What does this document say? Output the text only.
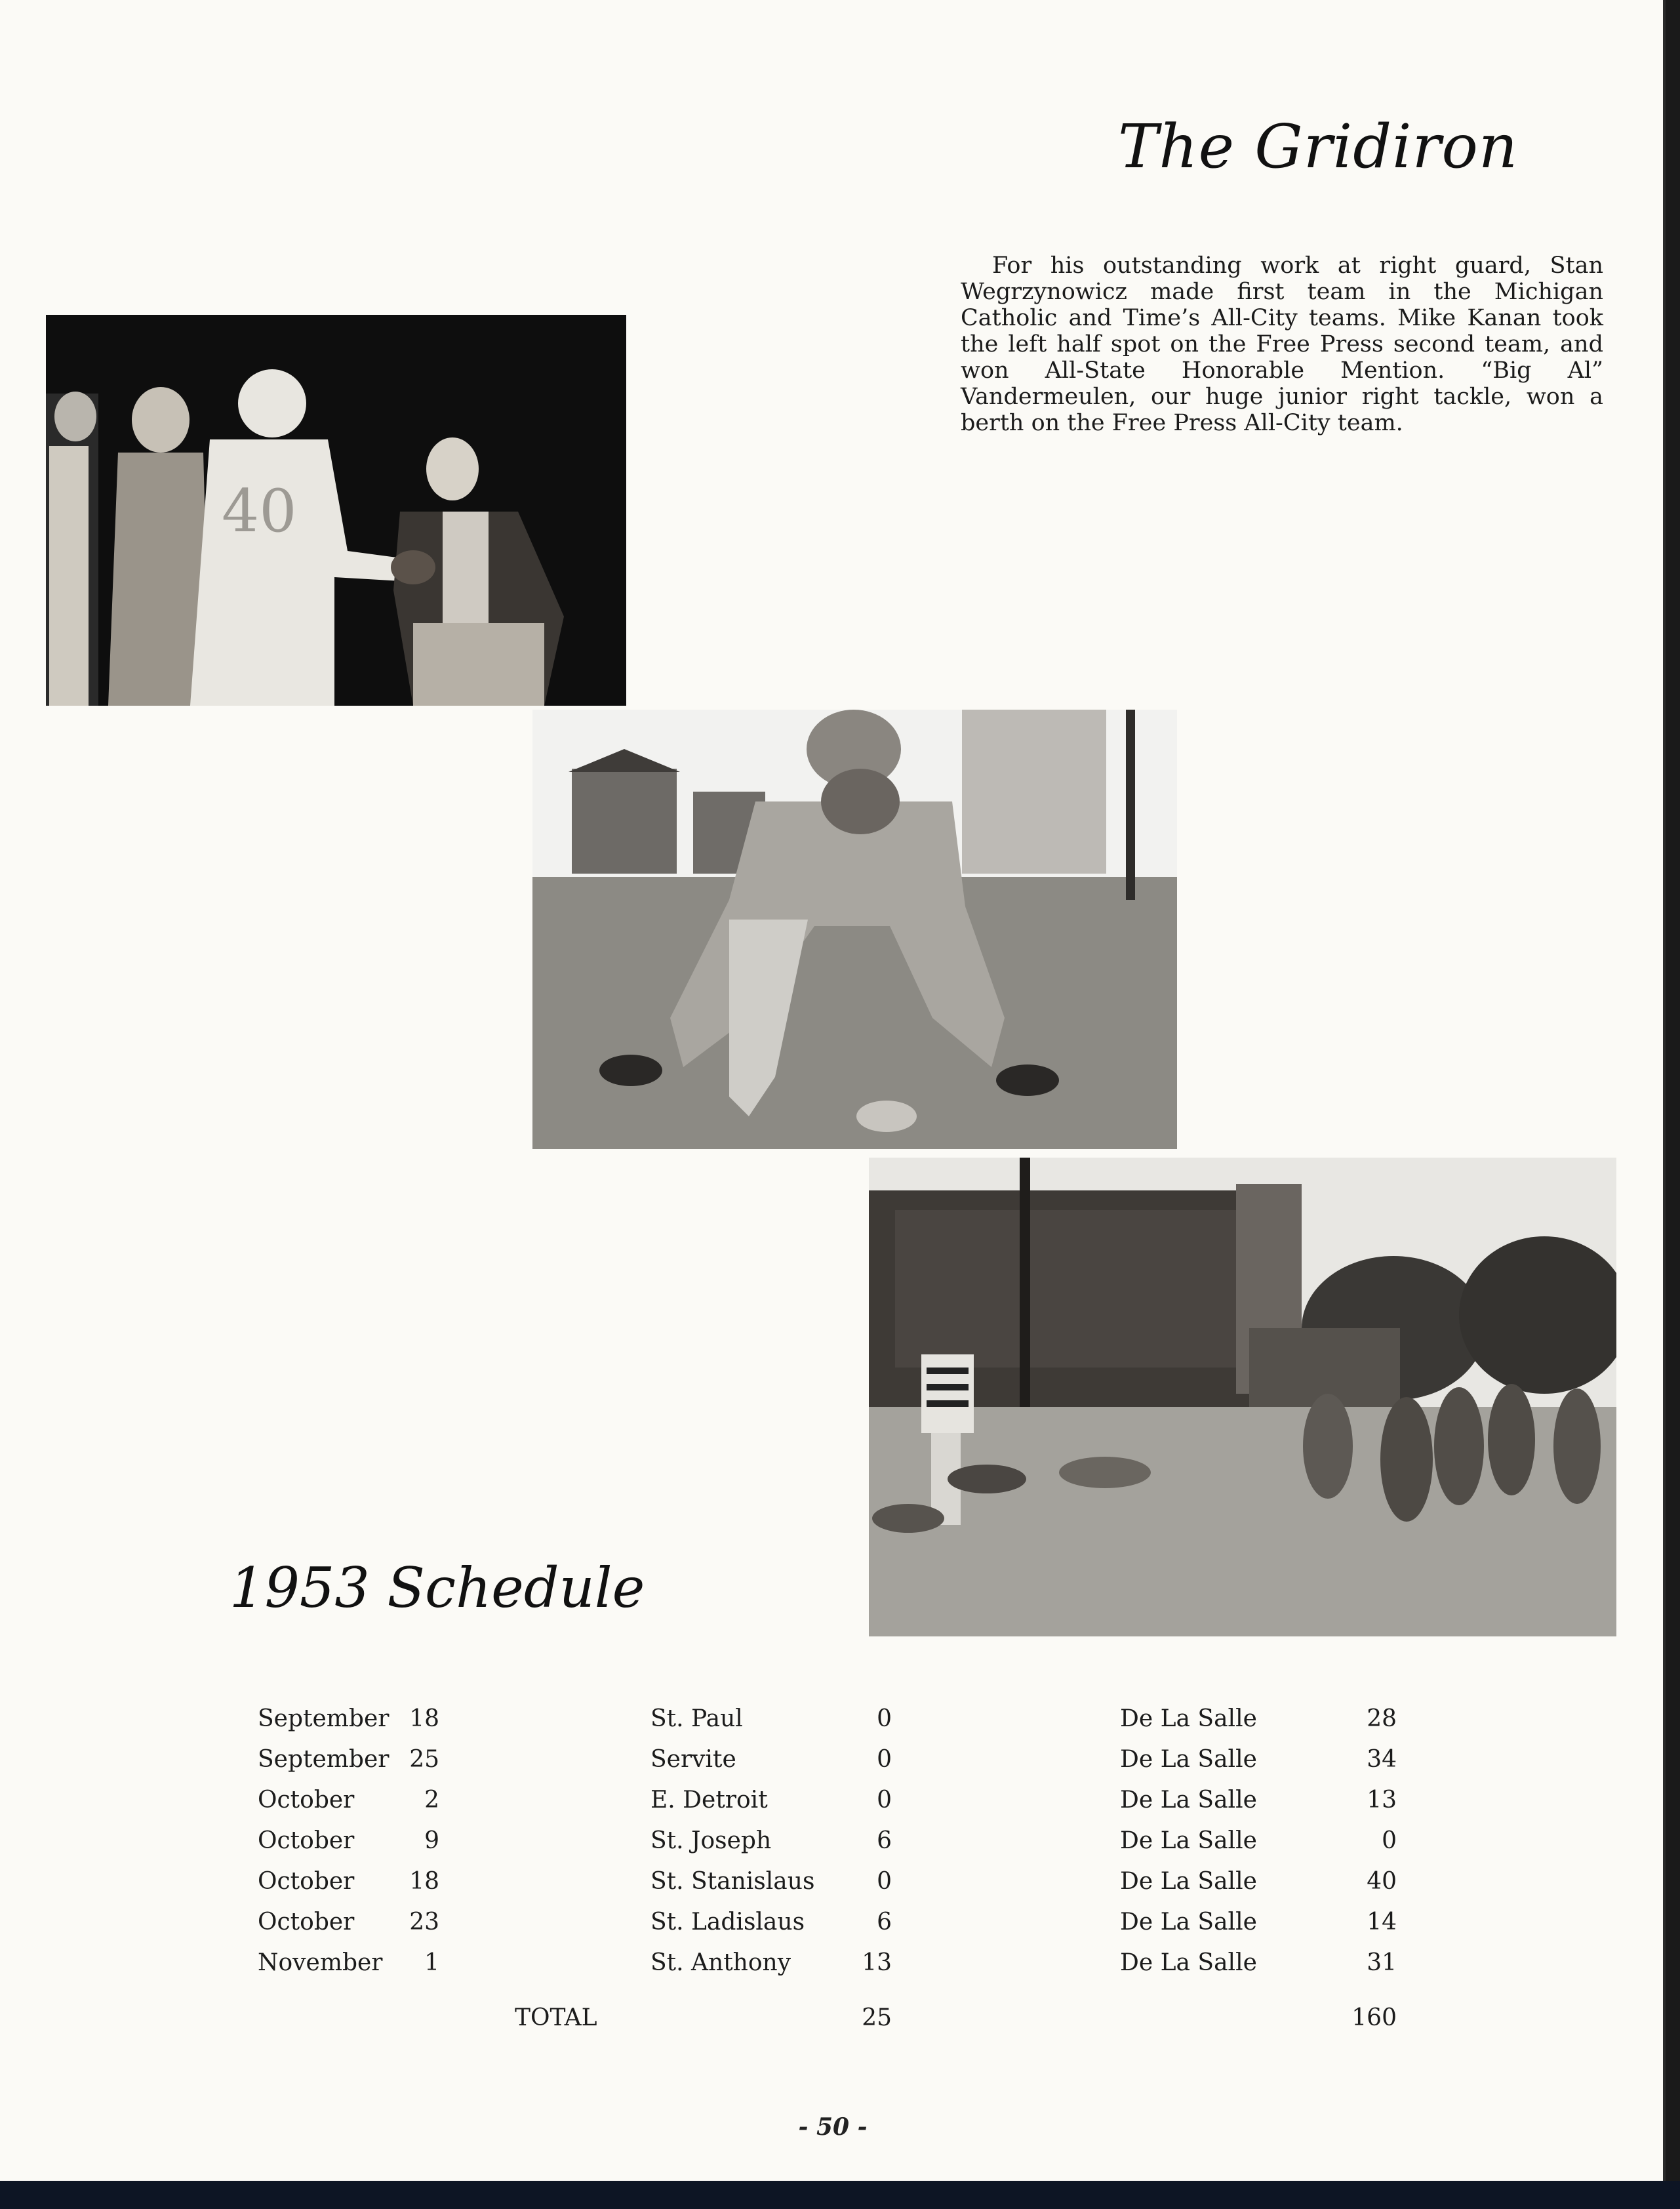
The Gridiron

For his outstanding work at right guard, Stan Wegrzynowicz made first team in the Michigan Catholic and Time’s All-City teams. Mike Kanan took the left half spot on the Free Press second team, and won All-State Honorable Mention. “Big Al” Vandermeulen, our huge junior right tackle, won a berth on the Free Press All-City team.

40
1953 Schedule
September 18	St. Paul	0	De La Salle	28
September 25	Servite	0	De La Salle	34
October	2	E. Detroit	0	De La Salle	13
October	9	St. Joseph	6	De La Salle	0
October	18	St. Stanislaus	0	De La Salle	40
October	23	St. Ladislaus	6	De La Salle	14
November	1	St. Anthony	13	De La Salle	31
TOTAL	25	160
- 50 -
